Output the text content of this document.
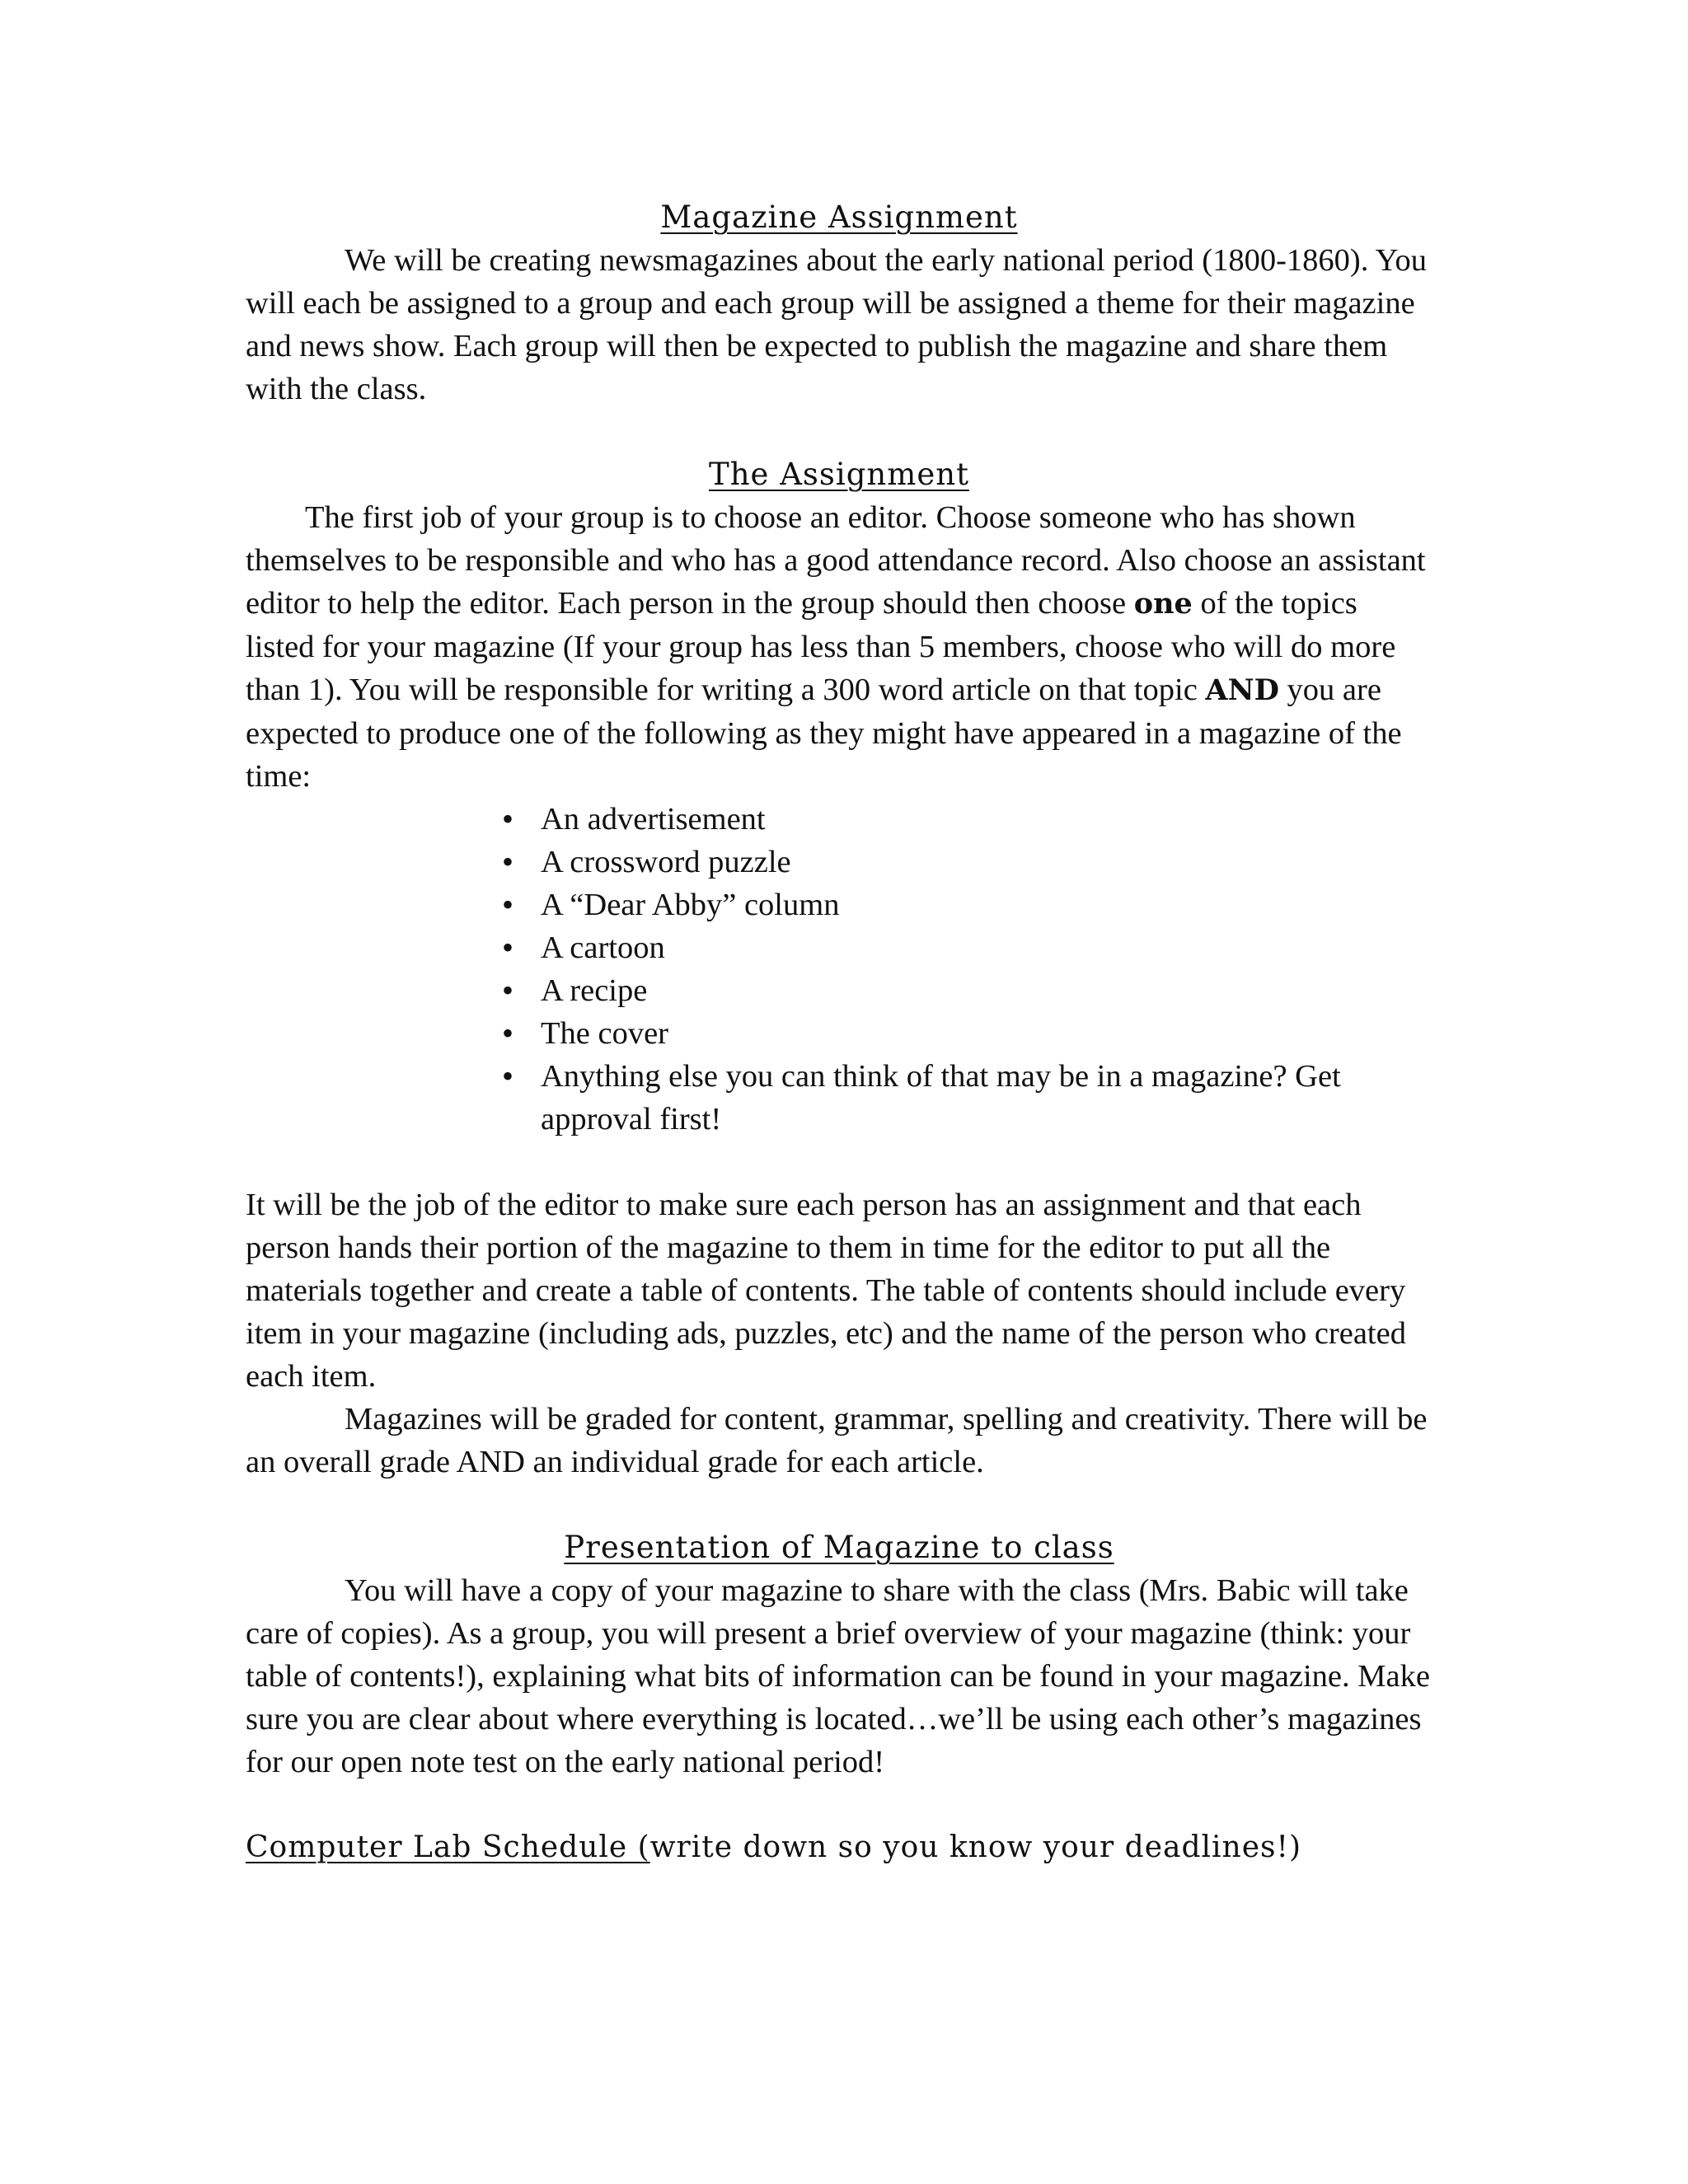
Magazine Assignment

We will be creating newsmagazines about the early national period (1800-1860). You will each be assigned to a group and each group will be assigned a theme for their magazine and news show. Each group will then be expected to publish the magazine and share them with the class.

The Assignment

The first job of your group is to choose an editor. Choose someone who has shown themselves to be responsible and who has a good attendance record. Also choose an assistant editor to help the editor. Each person in the group should then choose one of the topics listed for your magazine (If your group has less than 5 members, choose who will do more than 1). You will be responsible for writing a 300 word article on that topic AND you are expected to produce one of the following as they might have appeared in a magazine of the time:

• An advertisement
• A crossword puzzle
• A “Dear Abby” column
• A cartoon
• A recipe
• The cover
• Anything else you can think of that may be in a magazine? Get approval first!

It will be the job of the editor to make sure each person has an assignment and that each person hands their portion of the magazine to them in time for the editor to put all the materials together and create a table of contents. The table of contents should include every item in your magazine (including ads, puzzles, etc) and the name of the person who created each item.

Magazines will be graded for content, grammar, spelling and creativity. There will be an overall grade AND an individual grade for each article.

Presentation of Magazine to class

You will have a copy of your magazine to share with the class (Mrs. Babic will take care of copies). As a group, you will present a brief overview of your magazine (think: your table of contents!), explaining what bits of information can be found in your magazine. Make sure you are clear about where everything is located…we’ll be using each other’s magazines for our open note test on the early national period!

Computer Lab Schedule (write down so you know your deadlines!)
